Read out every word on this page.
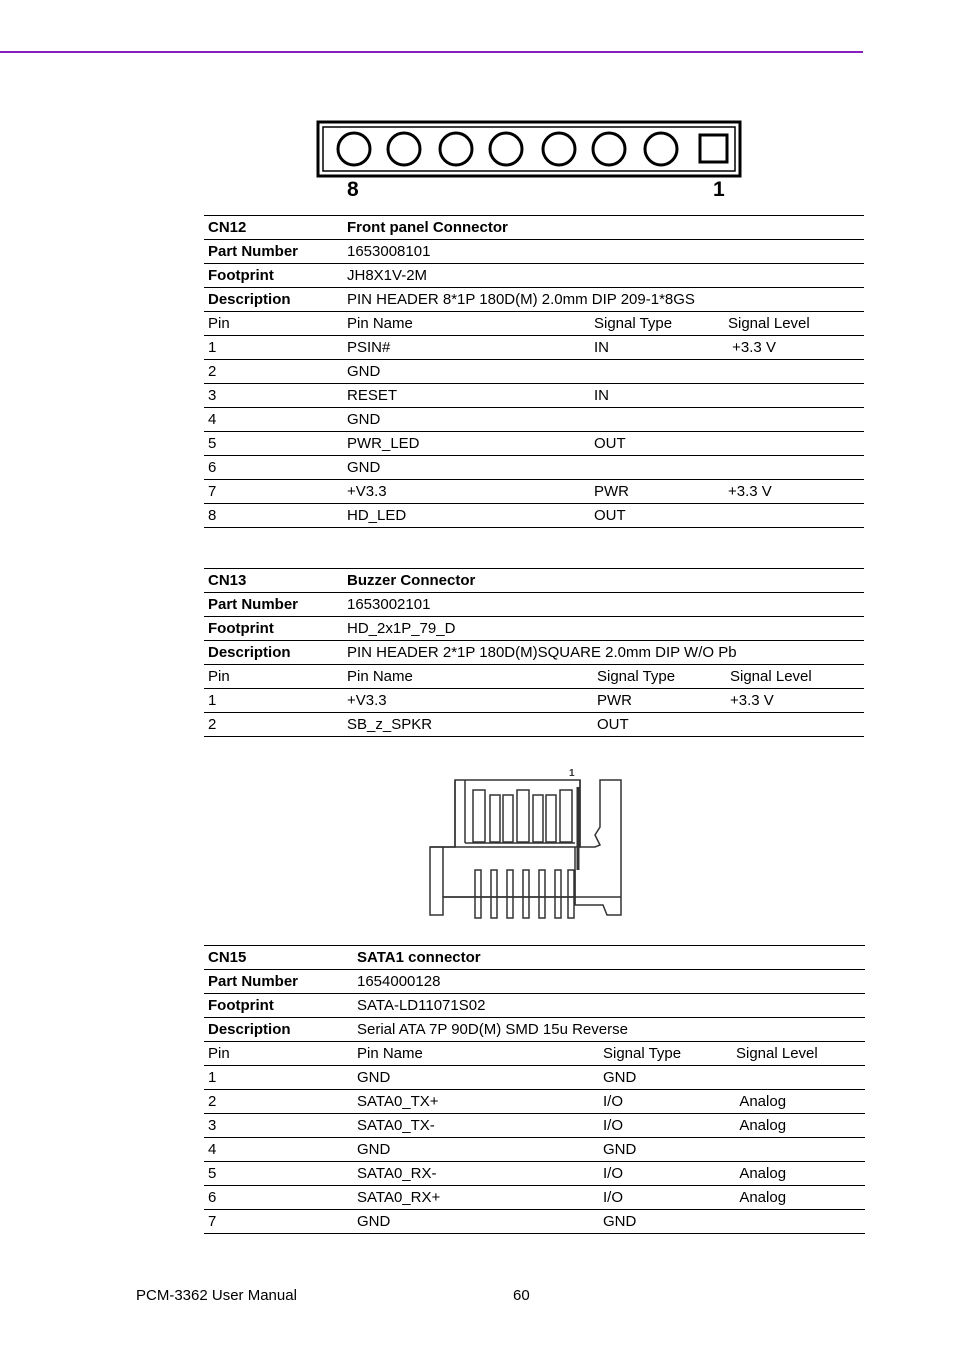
8	1
CN12	Front panel Connector		
Part Number	1653008101		
Footprint	JH8X1V-2M		
Description	PIN HEADER 8*1P 180D(M) 2.0mm DIP 209-1*8GS		
Pin	Pin Name	Signal Type	Signal Level
1	PSIN#	IN	+3.3 V
2	GND		
3	RESET	IN	
4	GND		
5	PWR_LED	OUT	
6	GND		
7	+V3.3	PWR	+3.3 V
8	HD_LED	OUT	
CN13	Buzzer Connector		
Part Number	1653002101		
Footprint	HD_2x1P_79_D		
Description	PIN HEADER 2*1P 180D(M)SQUARE 2.0mm DIP W/O Pb		
Pin	Pin Name	Signal Type	Signal Level
1	+V3.3	PWR	+3.3 V
2	SB_z_SPKR	OUT	
1
CN15	SATA1 connector		
Part Number	1654000128		
Footprint	SATA-LD11071S02		
Description	Serial ATA 7P 90D(M) SMD 15u Reverse		
Pin	Pin Name	Signal Type	Signal Level
1	GND	GND	
2	SATA0_TX+	I/O	Analog
3	SATA0_TX-	I/O	Analog
4	GND	GND	
5	SATA0_RX-	I/O	Analog
6	SATA0_RX+	I/O	Analog
7	GND	GND	
PCM-3362 User Manual	60
